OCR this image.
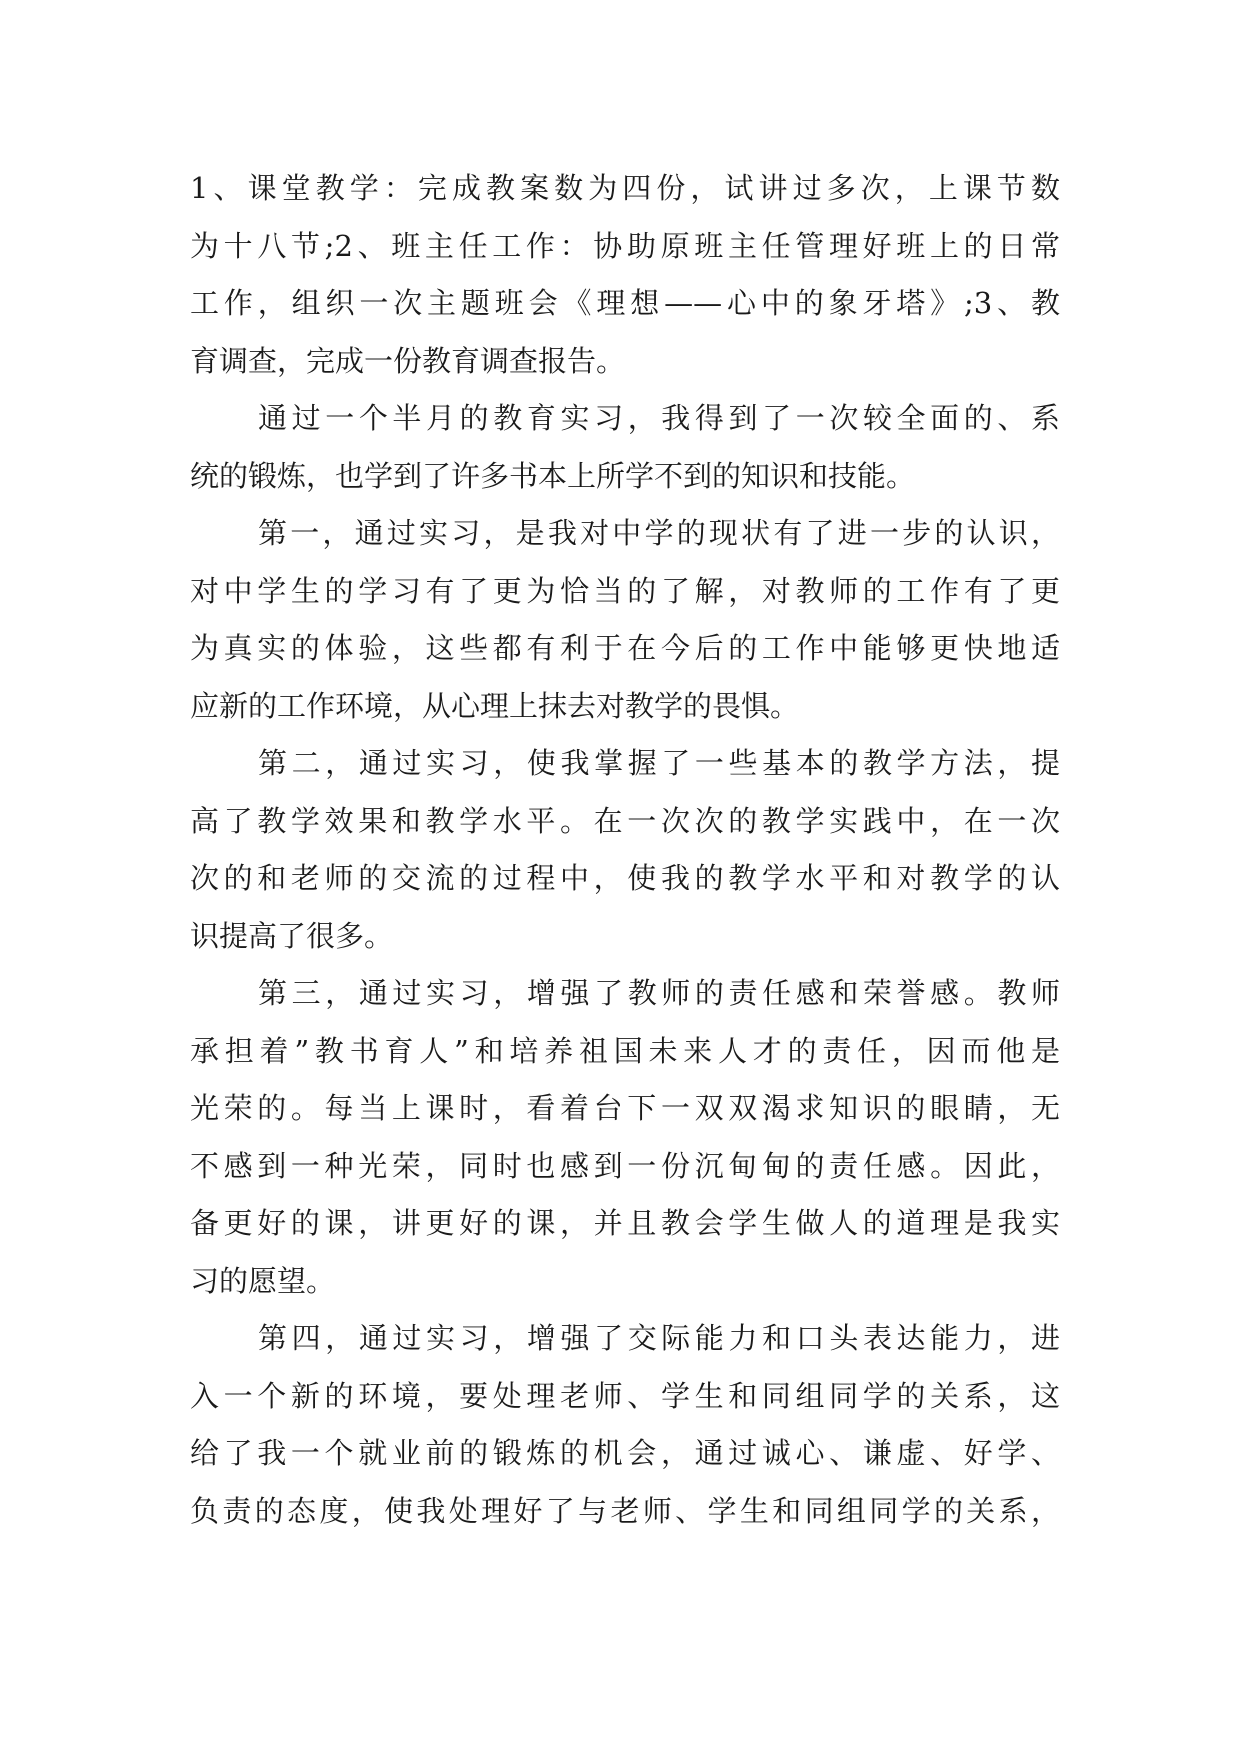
1、课堂教学：完成教案数为四份，试讲过多次，上课节数
为十八节;2、班主任工作：协助原班主任管理好班上的日常
工作，组织一次主题班会《理想——心中的象牙塔》;3、教
育调查，完成一份教育调查报告。
通过一个半月的教育实习，我得到了一次较全面的、系
统的锻炼，也学到了许多书本上所学不到的知识和技能。
第一，通过实习，是我对中学的现状有了进一步的认识，
对中学生的学习有了更为恰当的了解，对教师的工作有了更
为真实的体验，这些都有利于在今后的工作中能够更快地适
应新的工作环境，从心理上抹去对教学的畏惧。
第二，通过实习，使我掌握了一些基本的教学方法，提
高了教学效果和教学水平。在一次次的教学实践中，在一次
次的和老师的交流的过程中，使我的教学水平和对教学的认
识提高了很多。
第三，通过实习，增强了教师的责任感和荣誉感。教师
承担着”教书育人”和培养祖国未来人才的责任，因而他是
光荣的。每当上课时，看着台下一双双渴求知识的眼睛，无
不感到一种光荣，同时也感到一份沉甸甸的责任感。因此，
备更好的课，讲更好的课，并且教会学生做人的道理是我实
习的愿望。
第四，通过实习，增强了交际能力和口头表达能力，进
入一个新的环境，要处理老师、学生和同组同学的关系，这
给了我一个就业前的锻炼的机会，通过诚心、谦虚、好学、
负责的态度，使我处理好了与老师、学生和同组同学的关系，
